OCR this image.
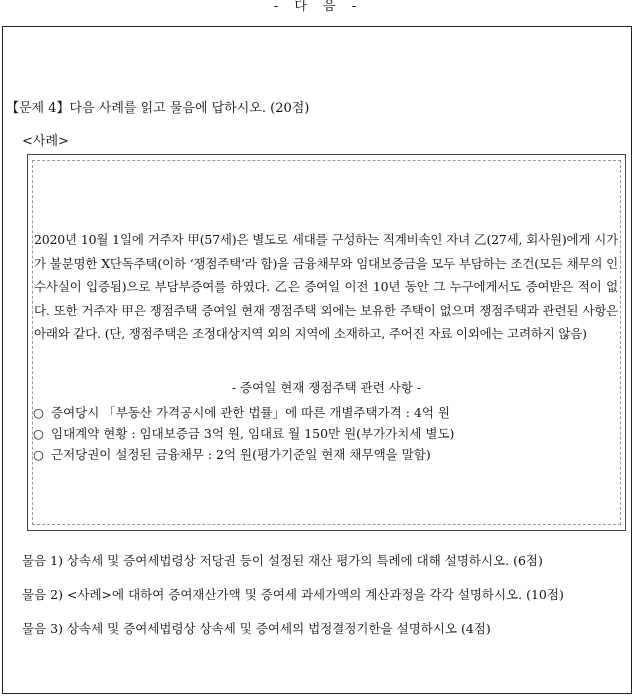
- 다 음 -
【문제 4】다음 사례를 읽고 물음에 답하시오. (20점)
<사례>
2020년 10월 1일에 거주자 甲(57세)은 별도로 세대를 구성하는 직계비속인 자녀 乙(27세, 회사원)에게 시가가 불분명한 X단독주택(이하 ‘쟁점주택’라 함)을 금융채무와 임대보증금을 모두 부담하는 조건(모든 채무의 인수사실이 입증됨)으로 부담부증여를 하였다. 乙은 증여일 이전 10년 동안 그 누구에게서도 증여받은 적이 없다. 또한 거주자 甲은 쟁점주택 증여일 현재 쟁점주택 외에는 보유한 주택이 없으며 쟁점주택과 관련된 사항은 아래와 같다. (단, 쟁점주택은 조정대상지역 외의 지역에 소재하고, 주어진 자료 이외에는 고려하지 않음)
- 증여일 현재 쟁점주택 관련 사항 -
○ 증여당시 「부동산 가격공시에 관한 법률」에 따른 개별주택가격 : 4억 원
○ 임대계약 현황 : 임대보증금 3억 원, 임대료 월 150만 원(부가가치세 별도)
○ 근저당권이 설정된 금융채무 : 2억 원(평가기준일 현재 채무액을 말함)
물음 1) 상속세 및 증여세법령상 저당권 등이 설정된 재산 평가의 특례에 대해 설명하시오. (6점)
물음 2) <사례>에 대하여 증여재산가액 및 증여세 과세가액의 계산과정을 각각 설명하시오. (10점)
물음 3) 상속세 및 증여세법령상 상속세 및 증여세의 법정결정기한을 설명하시오 (4점)
